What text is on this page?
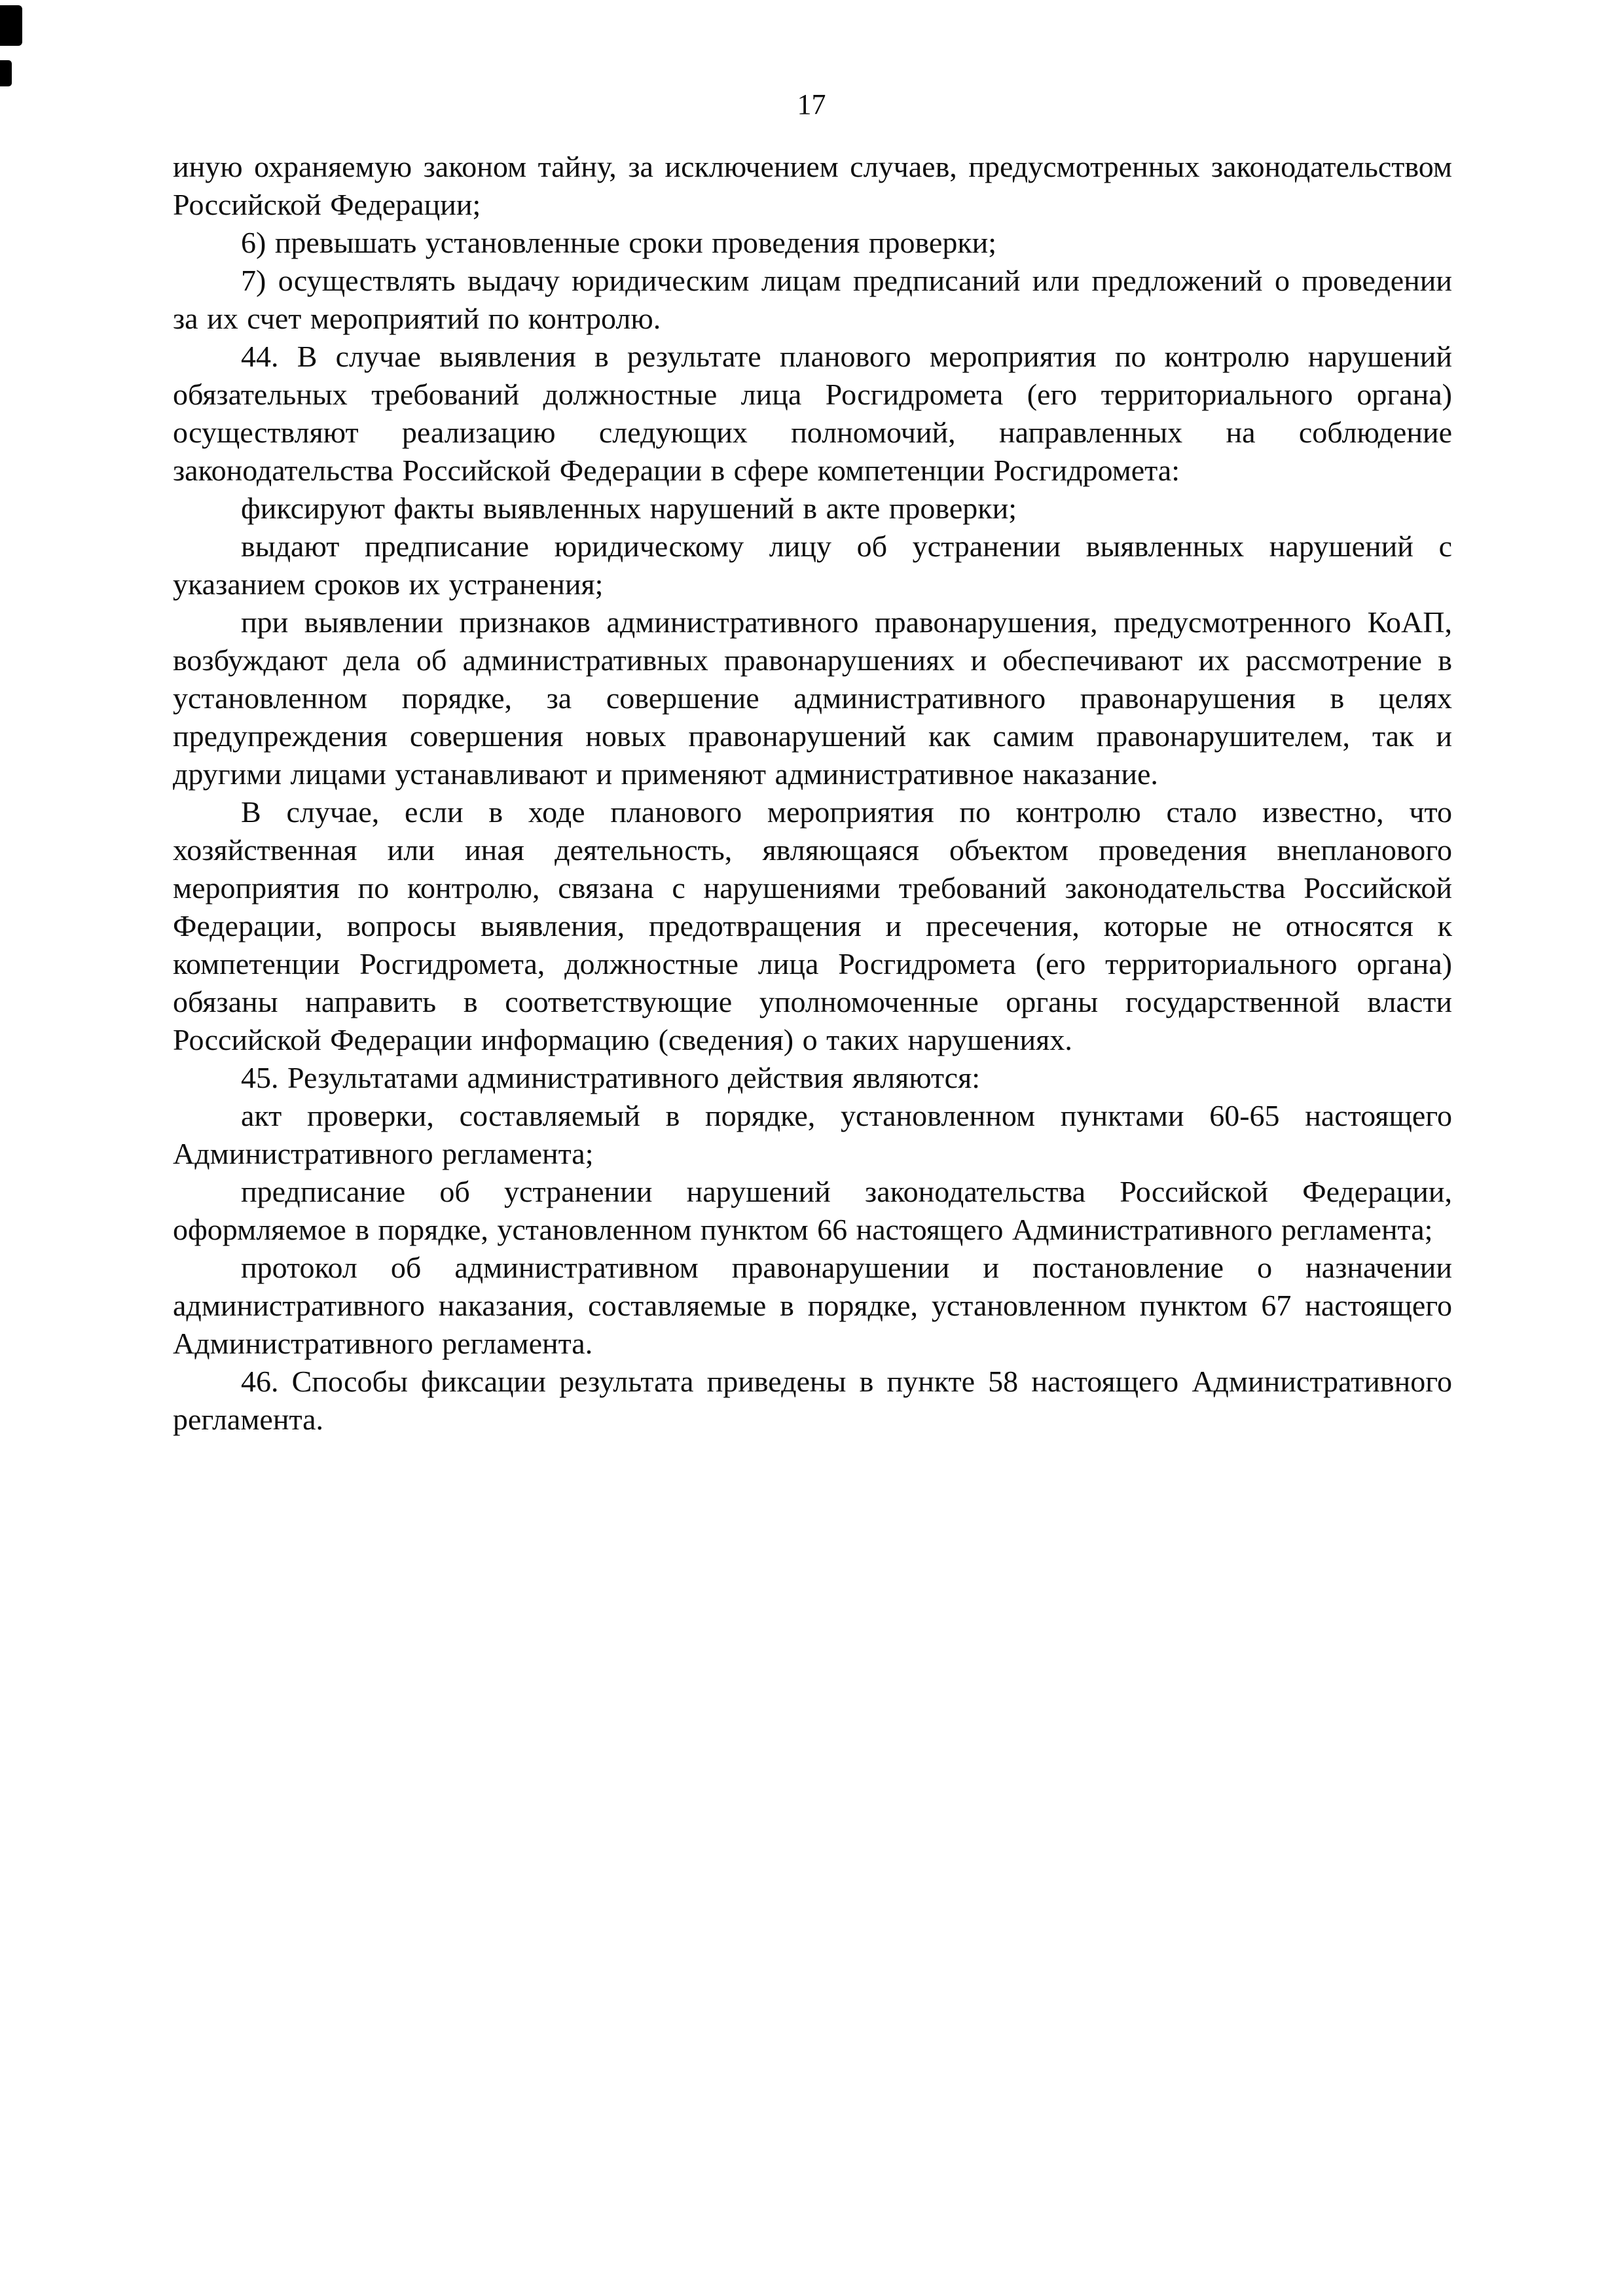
17

иную охраняемую законом тайну, за исключением случаев, предусмотренных законодательством Российской Федерации;

6) превышать установленные сроки проведения проверки;

7) осуществлять выдачу юридическим лицам предписаний или предложений о проведении за их счет мероприятий по контролю.

44. В случае выявления в результате планового мероприятия по контролю нарушений обязательных требований должностные лица Росгидромета (его территориального органа) осуществляют реализацию следующих полномочий, направленных на соблюдение законодательства Российской Федерации в сфере компетенции Росгидромета:

фиксируют факты выявленных нарушений в акте проверки;

выдают предписание юридическому лицу об устранении выявленных нарушений с указанием сроков их устранения;

при выявлении признаков административного правонарушения, предусмотренного КоАП, возбуждают дела об административных правонарушениях и обеспечивают их рассмотрение в установленном порядке, за совершение административного правонарушения в целях предупреждения совершения новых правонарушений как самим правонарушителем, так и другими лицами устанавливают и применяют административное наказание.

В случае, если в ходе планового мероприятия по контролю стало известно, что хозяйственная или иная деятельность, являющаяся объектом проведения внепланового мероприятия по контролю, связана с нарушениями требований законодательства Российской Федерации, вопросы выявления, предотвращения и пресечения, которые не относятся к компетенции Росгидромета, должностные лица Росгидромета (его территориального органа) обязаны направить в соответствующие уполномоченные органы государственной власти Российской Федерации информацию (сведения) о таких нарушениях.

45. Результатами административного действия являются:

акт проверки, составляемый в порядке, установленном пунктами 60-65 настоящего Административного регламента;

предписание об устранении нарушений законодательства Российской Федерации, оформляемое в порядке, установленном пунктом 66 настоящего Административного регламента;

протокол об административном правонарушении и постановление о назначении административного наказания, составляемые в порядке, установленном пунктом 67 настоящего Административного регламента.

46. Способы фиксации результата приведены в пункте 58 настоящего Административного регламента.
